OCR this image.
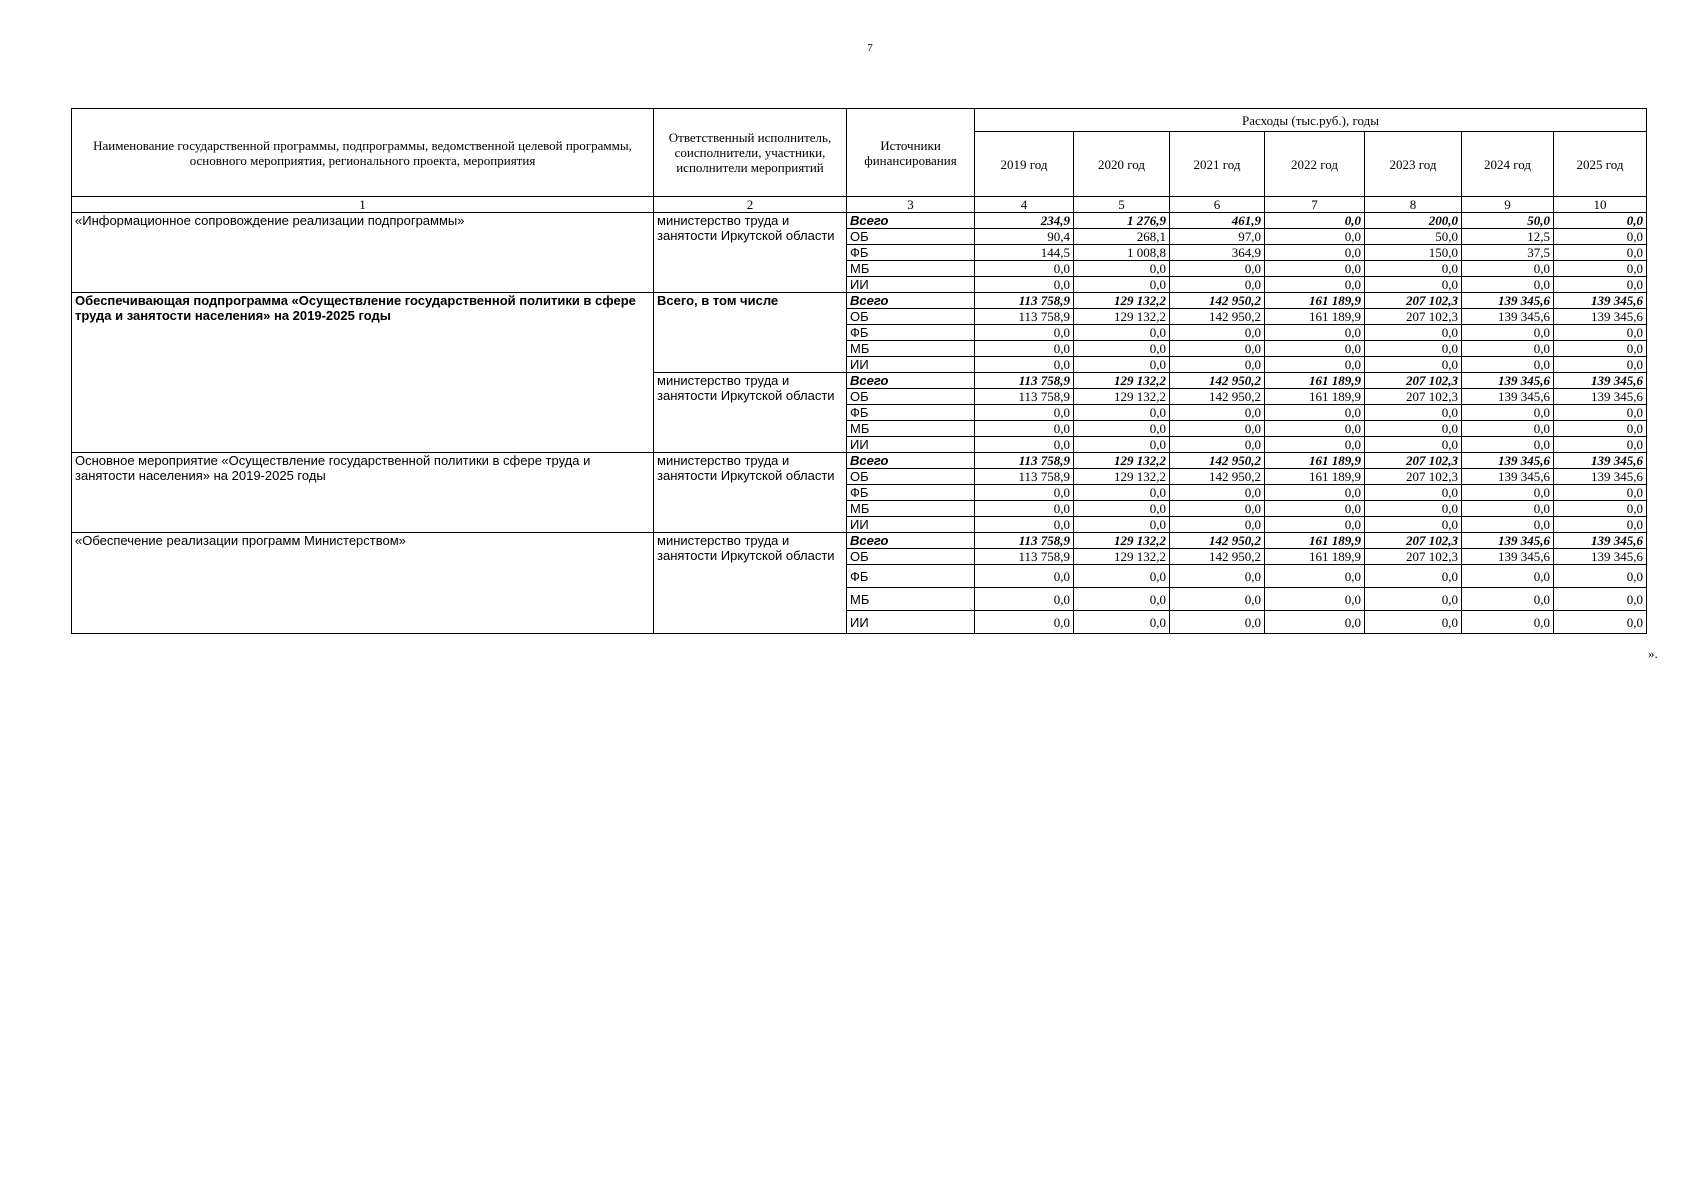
7
Наименование государственной программы, подпрограммы, ведомственной целевой программы, основного мероприятия, регионального проекта, мероприятия	Ответственный исполнитель, соисполнители, участники, исполнители мероприятий	Источники финансирования	Расходы (тыс.руб.), годы						
			2019 год	2020 год	2021 год	2022 год	2023 год	2024 год	2025 год
1	2	3	4	5	6	7	8	9	10
«Информационное сопровождение реализации подпрограммы»	министерство труда и занятости Иркутской области	Всего	234,9	1 276,9	461,9	0,0	200,0	50,0	0,0
		ОБ	90,4	268,1	97,0	0,0	50,0	12,5	0,0
		ФБ	144,5	1 008,8	364,9	0,0	150,0	37,5	0,0
		МБ	0,0	0,0	0,0	0,0	0,0	0,0	0,0
		ИИ	0,0	0,0	0,0	0,0	0,0	0,0	0,0
Обеспечивающая подпрограмма «Осуществление государственной политики в сфере труда и занятости населения» на 2019-2025 годы	Всего, в том числе	Всего	113 758,9	129 132,2	142 950,2	161 189,9	207 102,3	139 345,6	139 345,6
		ОБ	113 758,9	129 132,2	142 950,2	161 189,9	207 102,3	139 345,6	139 345,6
		ФБ	0,0	0,0	0,0	0,0	0,0	0,0	0,0
		МБ	0,0	0,0	0,0	0,0	0,0	0,0	0,0
		ИИ	0,0	0,0	0,0	0,0	0,0	0,0	0,0
	министерство труда и занятости Иркутской области	Всего	113 758,9	129 132,2	142 950,2	161 189,9	207 102,3	139 345,6	139 345,6
		ОБ	113 758,9	129 132,2	142 950,2	161 189,9	207 102,3	139 345,6	139 345,6
		ФБ	0,0	0,0	0,0	0,0	0,0	0,0	0,0
		МБ	0,0	0,0	0,0	0,0	0,0	0,0	0,0
		ИИ	0,0	0,0	0,0	0,0	0,0	0,0	0,0
Основное мероприятие «Осуществление государственной политики в сфере труда и занятости населения» на 2019-2025 годы	министерство труда и занятости Иркутской области	Всего	113 758,9	129 132,2	142 950,2	161 189,9	207 102,3	139 345,6	139 345,6
		ОБ	113 758,9	129 132,2	142 950,2	161 189,9	207 102,3	139 345,6	139 345,6
		ФБ	0,0	0,0	0,0	0,0	0,0	0,0	0,0
		МБ	0,0	0,0	0,0	0,0	0,0	0,0	0,0
		ИИ	0,0	0,0	0,0	0,0	0,0	0,0	0,0
«Обеспечение реализации программ Министерством»	министерство труда и занятости Иркутской области	Всего	113 758,9	129 132,2	142 950,2	161 189,9	207 102,3	139 345,6	139 345,6
		ОБ	113 758,9	129 132,2	142 950,2	161 189,9	207 102,3	139 345,6	139 345,6
		ФБ	0,0	0,0	0,0	0,0	0,0	0,0	0,0
		МБ	0,0	0,0	0,0	0,0	0,0	0,0	0,0
		ИИ	0,0	0,0	0,0	0,0	0,0	0,0	0,0
».
